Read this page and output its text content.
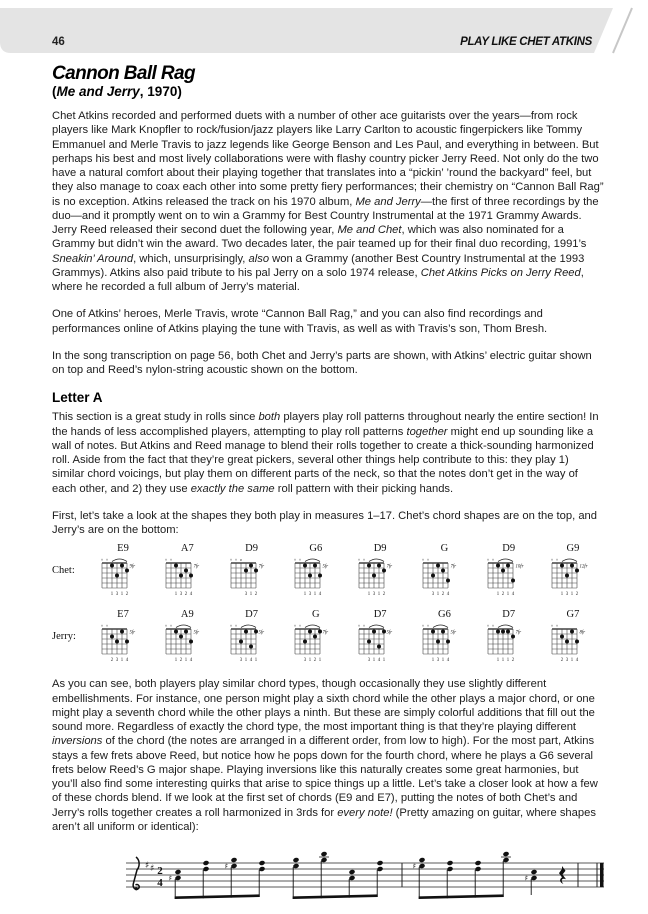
46	PLAY LIKE CHET ATKINS
Cannon Ball Rag
(Me and Jerry, 1970)

Chet Atkins recorded and performed duets with a number of other ace guitarists over the years—from rock players like Mark Knopfler to rock/fusion/jazz players like Larry Carlton to acoustic fingerpickers like Tommy Emmanuel and Merle Travis to jazz legends like George Benson and Les Paul, and everything in between. But perhaps his best and most lively collaborations were with flashy country picker Jerry Reed. Not only do the two have a natural comfort about their playing together that translates into a “pickin’ ’round the backyard” feel, but they also manage to coax each other into some pretty fiery performances; their chemistry on “Cannon Ball Rag” is no exception. Atkins released the track on his 1970 album, Me and Jerry—the first of three recordings by the duo—and it promptly went on to win a Grammy for Best Country Instrumental at the 1971 Grammy Awards. Jerry Reed released their second duet the following year, Me and Chet, which was also nominated for a Grammy but didn’t win the award. Two decades later, the pair teamed up for their final duo recording, 1991’s Sneakin’ Around, which, unsurprisingly, also won a Grammy (another Best Country Instrumental at the 1993 Grammys). Atkins also paid tribute to his pal Jerry on a solo 1974 release, Chet Atkins Picks on Jerry Reed, where he recorded a full album of Jerry’s material.

One of Atkins’ heroes, Merle Travis, wrote “Cannon Ball Rag,” and you can also find recordings and performances online of Atkins playing the tune with Travis, as well as with Travis’s son, Thom Bresh.

In the song transcription on page 56, both Chet and Jerry’s parts are shown, with Atkins’ electric guitar shown on top and Reed’s nylon-string acoustic shown on the bottom.

Letter A

This section is a great study in rolls since both players play roll patterns throughout nearly the entire section! In the hands of less accomplished players, attempting to play roll patterns together might end up sounding like a wall of notes. But Atkins and Reed manage to blend their rolls together to create a thick-sounding harmonized roll. Aside from the fact that they’re great pickers, several other things help contribute to this: they play 1) similar chord voicings, but play them on different parts of the neck, so that the notes don’t get in the way of each other, and 2) they use exactly the same roll pattern with their picking hands.

First, let’s take a look at the shapes they both play in measures 1–17. Chet’s chord shapes are on the top, and Jerry’s are on the bottom:

Chet:
E9
× ×
9fr
1 3 1 2
A7
× ×
7fr
1 3 2 4
D9
× × o
7fr
3 1 2
G6
× ×
5fr
1 3 1 4
D9
× ×
7fr
1 3 1 2
G
× ×
7fr
3 1 2 4
D9
× ×
10fr
1 2 1 4
G9
× ×
12fr
1 3 1 2
Jerry:
E7
× ×
5fr
2 3 1 4
A9
× ×
5fr
1 2 1 4
D7
× ×
5fr
3 1 4 1
G
× ×
7fr
3 1 2 1
D7
× ×
5fr
3 1 4 1
G6
× ×
5fr
1 3 1 4
D7
× ×
7fr
1 1 1 2
G7
× ×
8fr
2 3 1 4

As you can see, both players play similar chord types, though occasionally they use slightly different embellishments. For instance, one person might play a sixth chord while the other plays a major chord, or one might play a seventh chord while the other plays a ninth. But these are simply colorful additions that fill out the sound more. Regardless of exactly the chord type, the most important thing is that they’re playing different inversions of the chord (the notes are arranged in a different order, from low to high). For the most part, Atkins stays a few frets above Reed, but notice how he pops down for the fourth chord, where he plays a G6 several frets below Reed’s G major shape. Playing inversions like this naturally creates some great harmonies, but you’ll also find some interesting quirks that arise to spice things up a little. Let’s take a closer look at how a few of these chords blend. If we look at the first set of chords (E9 and E7), putting the notes of both Chet’s and Jerry’s rolls together creates a roll harmonized in 3rds for every note! (Pretty amazing on guitar, where shapes aren’t all uniform or identical):

♯ ♯ 2
4 ♯
♯	♯
♯
